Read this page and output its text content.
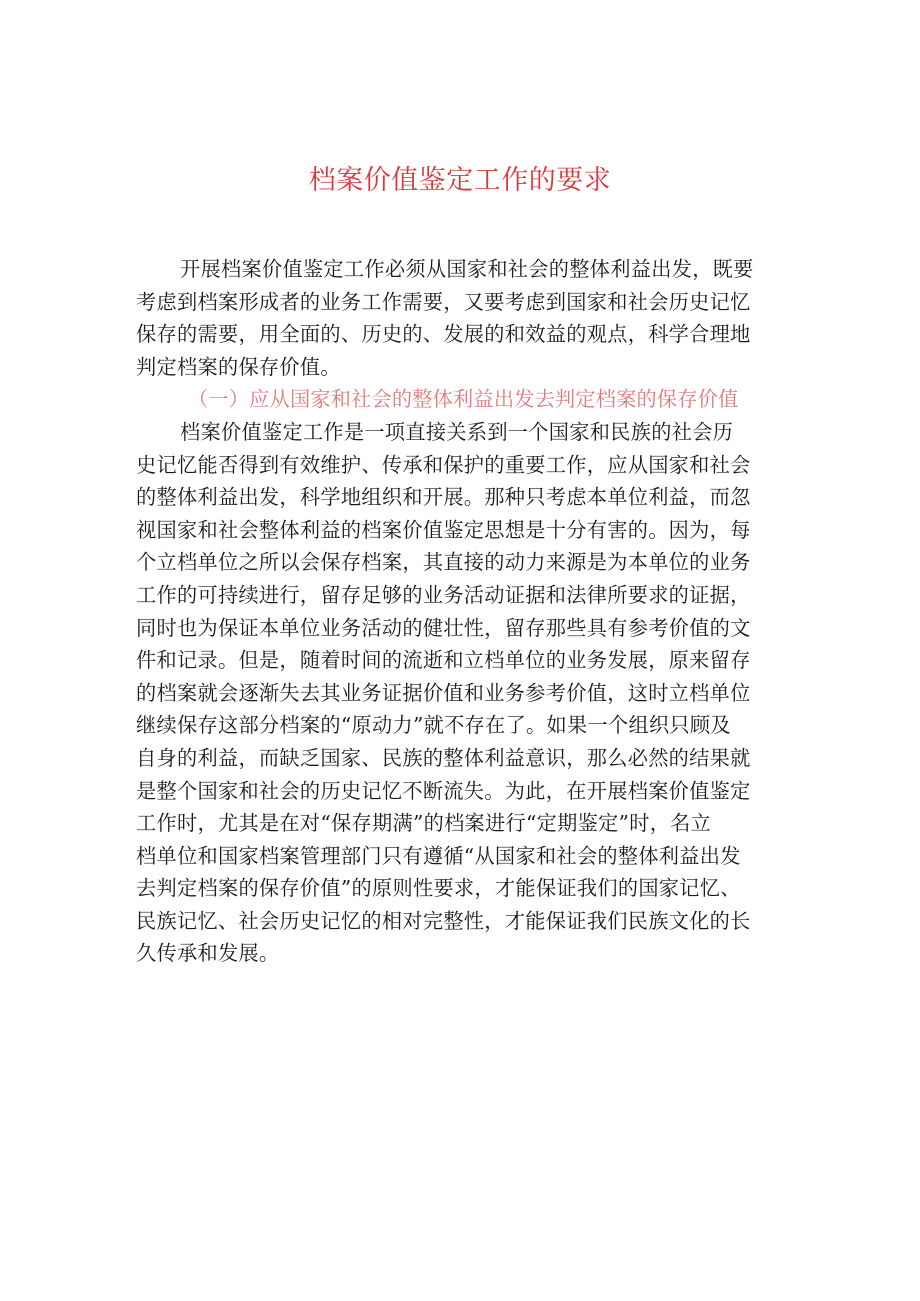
档案价值鉴定工作的要求
开展档案价值鉴定工作必须从国家和社会的整体利益出发，既要
考虑到档案形成者的业务工作需要，又要考虑到国家和社会历史记忆
保存的需要，用全面的、历史的、发展的和效益的观点，科学合理地
判定档案的保存价值。
（一）应从国家和社会的整体利益出发去判定档案的保存价值
档案价值鉴定工作是一项直接关系到一个国家和民族的社会历
史记忆能否得到有效维护、传承和保护的重要工作，应从国家和社会
的整体利益出发，科学地组织和开展。那种只考虑本单位利益，而忽
视国家和社会整体利益的档案价值鉴定思想是十分有害的。因为，每
个立档单位之所以会保存档案，其直接的动力来源是为本单位的业务
工作的可持续进行，留存足够的业务活动证据和法律所要求的证据，
同时也为保证本单位业务活动的健壮性，留存那些具有参考价值的文
件和记录。但是，随着时间的流逝和立档单位的业务发展，原来留存
的档案就会逐渐失去其业务证据价值和业务参考价值，这时立档单位
继续保存这部分档案的“原动力”就不存在了。如果一个组织只顾及
自身的利益，而缺乏国家、民族的整体利益意识，那么必然的结果就
是整个国家和社会的历史记忆不断流失。为此，在开展档案价值鉴定
工作时，尤其是在对“保存期满”的档案进行“定期鉴定”时，名立
档单位和国家档案管理部门只有遵循“从国家和社会的整体利益出发
去判定档案的保存价值”的原则性要求，才能保证我们的国家记忆、
民族记忆、社会历史记忆的相对完整性，才能保证我们民族文化的长
久传承和发展。
